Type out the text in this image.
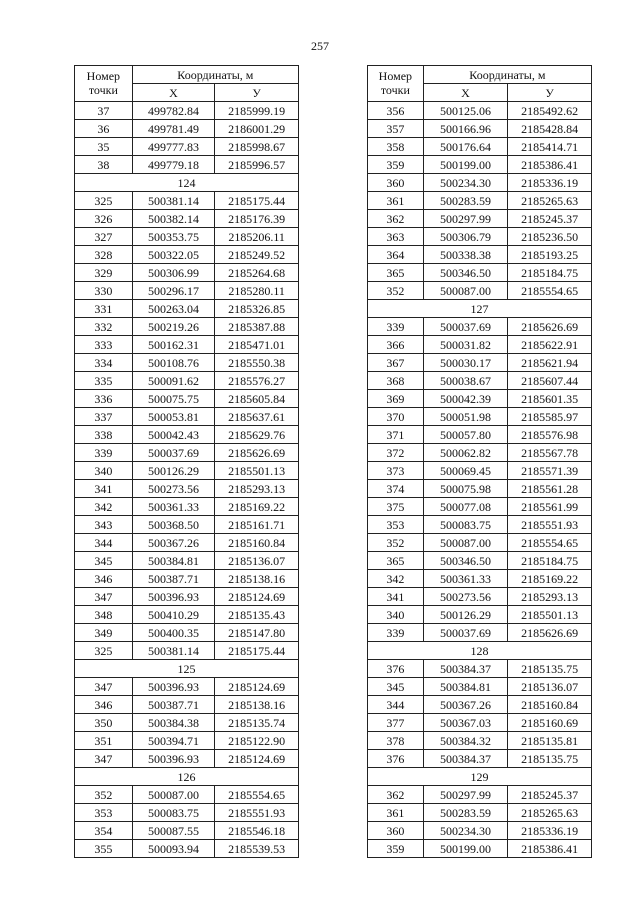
257
Номер
точки	Координаты, м	
	X	У
37	499782.84	2185999.19
36	499781.49	2186001.29
35	499777.83	2185998.67
38	499779.18	2185996.57
124		
325	500381.14	2185175.44
326	500382.14	2185176.39
327	500353.75	2185206.11
328	500322.05	2185249.52
329	500306.99	2185264.68
330	500296.17	2185280.11
331	500263.04	2185326.85
332	500219.26	2185387.88
333	500162.31	2185471.01
334	500108.76	2185550.38
335	500091.62	2185576.27
336	500075.75	2185605.84
337	500053.81	2185637.61
338	500042.43	2185629.76
339	500037.69	2185626.69
340	500126.29	2185501.13
341	500273.56	2185293.13
342	500361.33	2185169.22
343	500368.50	2185161.71
344	500367.26	2185160.84
345	500384.81	2185136.07
346	500387.71	2185138.16
347	500396.93	2185124.69
348	500410.29	2185135.43
349	500400.35	2185147.80
325	500381.14	2185175.44
125		
347	500396.93	2185124.69
346	500387.71	2185138.16
350	500384.38	2185135.74
351	500394.71	2185122.90
347	500396.93	2185124.69
126		
352	500087.00	2185554.65
353	500083.75	2185551.93
354	500087.55	2185546.18
355	500093.94	2185539.53
Номер
точки	Координаты, м	
	X	У
356	500125.06	2185492.62
357	500166.96	2185428.84
358	500176.64	2185414.71
359	500199.00	2185386.41
360	500234.30	2185336.19
361	500283.59	2185265.63
362	500297.99	2185245.37
363	500306.79	2185236.50
364	500338.38	2185193.25
365	500346.50	2185184.75
352	500087.00	2185554.65
127		
339	500037.69	2185626.69
366	500031.82	2185622.91
367	500030.17	2185621.94
368	500038.67	2185607.44
369	500042.39	2185601.35
370	500051.98	2185585.97
371	500057.80	2185576.98
372	500062.82	2185567.78
373	500069.45	2185571.39
374	500075.98	2185561.28
375	500077.08	2185561.99
353	500083.75	2185551.93
352	500087.00	2185554.65
365	500346.50	2185184.75
342	500361.33	2185169.22
341	500273.56	2185293.13
340	500126.29	2185501.13
339	500037.69	2185626.69
128		
376	500384.37	2185135.75
345	500384.81	2185136.07
344	500367.26	2185160.84
377	500367.03	2185160.69
378	500384.32	2185135.81
376	500384.37	2185135.75
129		
362	500297.99	2185245.37
361	500283.59	2185265.63
360	500234.30	2185336.19
359	500199.00	2185386.41
